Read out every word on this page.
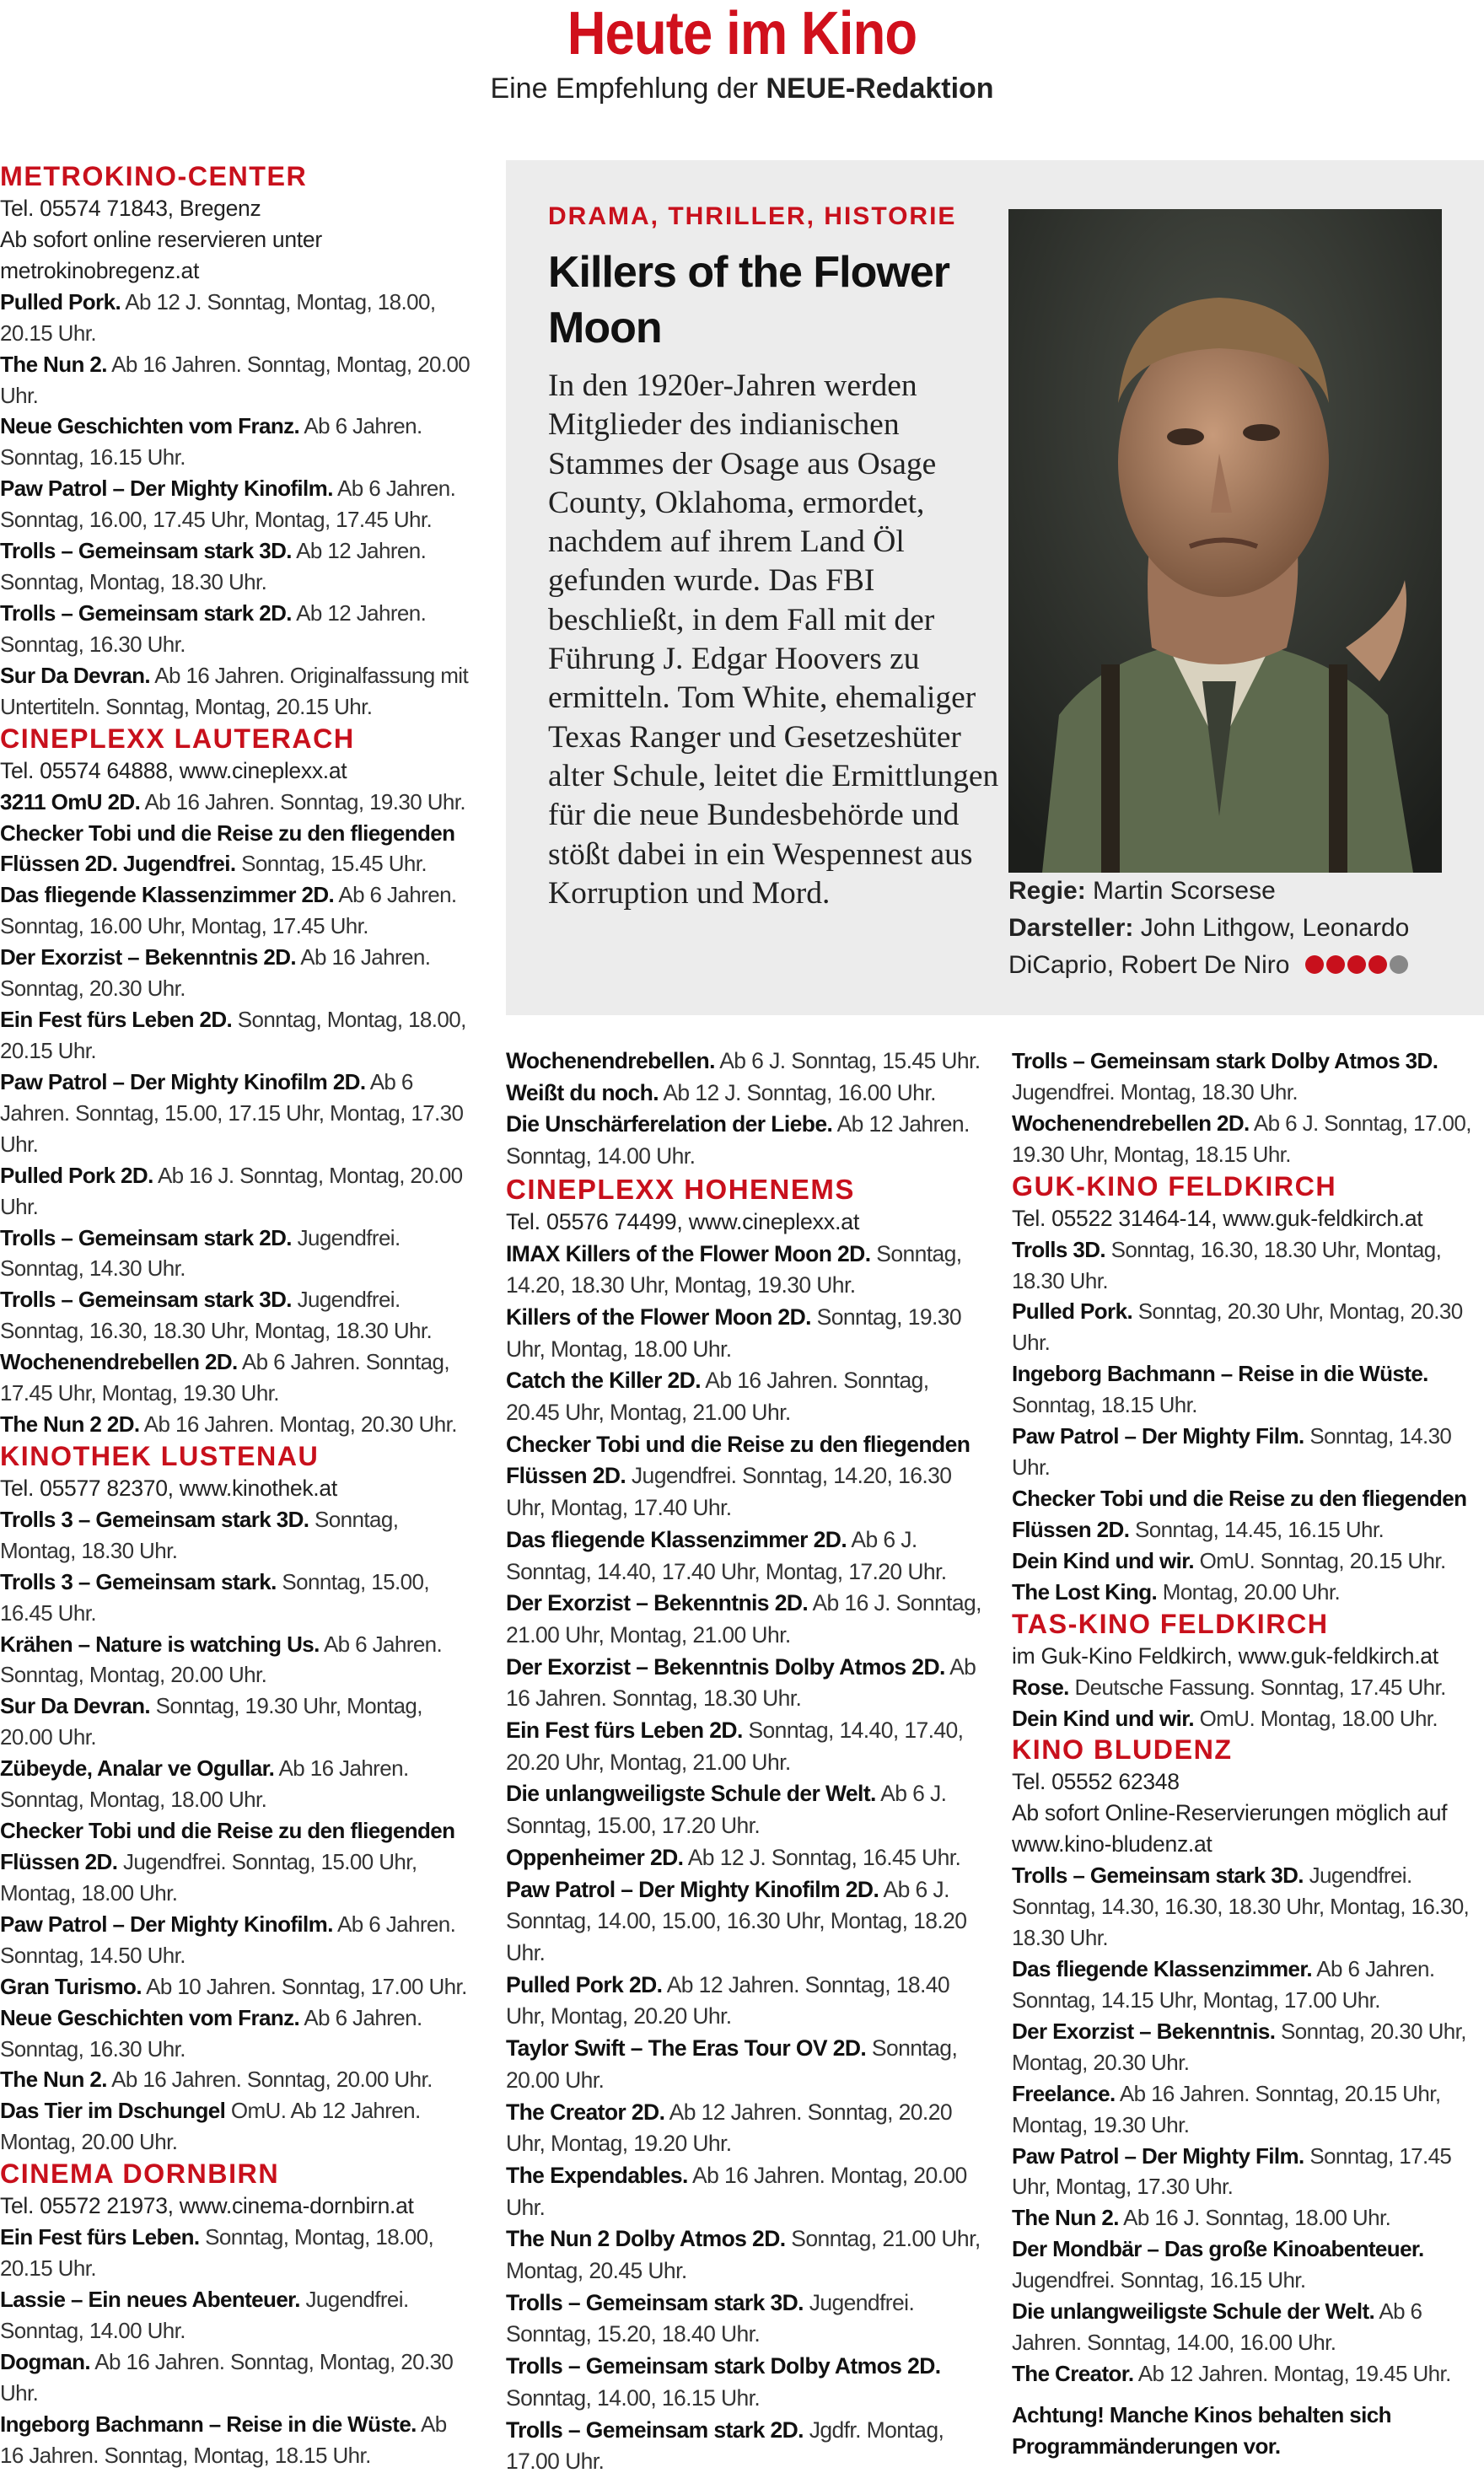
Heute im Kino
Eine Empfehlung der NEUE-Redaktion

METROKINO-CENTER

Tel. 05574 71843, Bregenz

Ab sofort online reservieren unter metrokinobregenz.at

Pulled Pork. Ab 12 J. Sonntag, Montag, 18.00, 20.15 Uhr.

The Nun 2. Ab 16 Jahren. Sonntag, Montag, 20.00 Uhr.

Neue Geschichten vom Franz. Ab 6 Jahren. Sonntag, 16.15 Uhr.

Paw Patrol – Der Mighty Kinofilm. Ab 6 Jahren. Sonntag, 16.00, 17.45 Uhr, Montag, 17.45 Uhr.

Trolls – Gemeinsam stark 3D. Ab 12 Jahren. Sonntag, Montag, 18.30 Uhr.

Trolls – Gemeinsam stark 2D. Ab 12 Jahren. Sonntag, 16.30 Uhr.

Sur Da Devran. Ab 16 Jahren. Originalfassung mit Untertiteln. Sonntag, Montag, 20.15 Uhr.

CINEPLEXX LAUTERACH

Tel. 05574 64888, www.cineplexx.at

3211 OmU 2D. Ab 16 Jahren. Sonntag, 19.30 Uhr.

Checker Tobi und die Reise zu den fliegenden Flüssen 2D. Jugendfrei. Sonntag, 15.45 Uhr.

Das fliegende Klassenzimmer 2D. Ab 6 Jahren. Sonntag, 16.00 Uhr, Montag, 17.45 Uhr.

Der Exorzist – Bekenntnis 2D. Ab 16 Jahren. Sonntag, 20.30 Uhr.

Ein Fest fürs Leben 2D. Sonntag, Montag, 18.00, 20.15 Uhr.

Paw Patrol – Der Mighty Kinofilm 2D. Ab 6 Jahren. Sonntag, 15.00, 17.15 Uhr, Montag, 17.30 Uhr.

Pulled Pork 2D. Ab 16 J. Sonntag, Montag, 20.00 Uhr.

Trolls – Gemeinsam stark 2D. Jugendfrei. Sonntag, 14.30 Uhr.

Trolls – Gemeinsam stark 3D. Jugendfrei. Sonntag, 16.30, 18.30 Uhr, Montag, 18.30 Uhr.

Wochenendrebellen 2D. Ab 6 Jahren. Sonntag, 17.45 Uhr, Montag, 19.30 Uhr.

The Nun 2 2D. Ab 16 Jahren. Montag, 20.30 Uhr.

KINOTHEK LUSTENAU

Tel. 05577 82370, www.kinothek.at

Trolls 3 – Gemeinsam stark 3D. Sonntag, Montag, 18.30 Uhr.

Trolls 3 – Gemeinsam stark. Sonntag, 15.00, 16.45 Uhr.

Krähen – Nature is watching Us. Ab 6 Jahren. Sonntag, Montag, 20.00 Uhr.

Sur Da Devran. Sonntag, 19.30 Uhr, Montag, 20.00 Uhr.

Zübeyde, Analar ve Ogullar. Ab 16 Jahren. Sonntag, Montag, 18.00 Uhr.

Checker Tobi und die Reise zu den fliegenden Flüssen 2D. Jugendfrei. Sonntag, 15.00 Uhr, Montag, 18.00 Uhr.

Paw Patrol – Der Mighty Kinofilm. Ab 6 Jahren. Sonntag, 14.50 Uhr.

Gran Turismo. Ab 10 Jahren. Sonntag, 17.00 Uhr.

Neue Geschichten vom Franz. Ab 6 Jahren. Sonntag, 16.30 Uhr.

The Nun 2. Ab 16 Jahren. Sonntag, 20.00 Uhr.

Das Tier im Dschungel OmU. Ab 12 Jahren. Montag, 20.00 Uhr.

CINEMA DORNBIRN

Tel. 05572 21973, www.cinema-dornbirn.at

Ein Fest fürs Leben. Sonntag, Montag, 18.00, 20.15 Uhr.

Lassie – Ein neues Abenteuer. Jugendfrei. Sonntag, 14.00 Uhr.

Dogman. Ab 16 Jahren. Sonntag, Montag, 20.30 Uhr.

Ingeborg Bachmann – Reise in die Wüste. Ab 16 Jahren. Sonntag, Montag, 18.15 Uhr.

DRAMA, THRILLER, HISTORIE
Killers of the Flower Moon
In den 1920er-Jahren werden Mitglieder des indianischen Stammes der Osage aus Osage County, Oklahoma, ermordet, nachdem auf ihrem Land Öl gefunden wurde. Das FBI beschließt, in dem Fall mit der Führung J. Edgar Hoovers zu ermitteln. Tom White, ehemaliger Texas Ranger und Gesetzeshüter alter Schule, leitet die Ermittlungen für die neue Bundesbehörde und stößt dabei in ein Wespennest aus Korruption und Mord.	Regie: Martin Scorsese
Darsteller: John Lithgow, Leonardo DiCaprio, Robert De Niro

Wochenendrebellen. Ab 6 J. Sonntag, 15.45 Uhr.

Weißt du noch. Ab 12 J. Sonntag, 16.00 Uhr.

Die Unschärferelation der Liebe. Ab 12 Jahren. Sonntag, 14.00 Uhr.

CINEPLEXX HOHENEMS

Tel. 05576 74499, www.cineplexx.at

IMAX Killers of the Flower Moon 2D. Sonntag, 14.20, 18.30 Uhr, Montag, 19.30 Uhr.

Killers of the Flower Moon 2D. Sonntag, 19.30 Uhr, Montag, 18.00 Uhr.

Catch the Killer 2D. Ab 16 Jahren. Sonntag, 20.45 Uhr, Montag, 21.00 Uhr.

Checker Tobi und die Reise zu den fliegenden Flüssen 2D. Jugendfrei. Sonntag, 14.20, 16.30 Uhr, Montag, 17.40 Uhr.

Das fliegende Klassenzimmer 2D. Ab 6 J. Sonntag, 14.40, 17.40 Uhr, Montag, 17.20 Uhr.

Der Exorzist – Bekenntnis 2D. Ab 16 J. Sonntag, 21.00 Uhr, Montag, 21.00 Uhr.

Der Exorzist – Bekenntnis Dolby Atmos 2D. Ab 16 Jahren. Sonntag, 18.30 Uhr.

Ein Fest fürs Leben 2D. Sonntag, 14.40, 17.40, 20.20 Uhr, Montag, 21.00 Uhr.

Die unlangweiligste Schule der Welt. Ab 6 J. Sonntag, 15.00, 17.20 Uhr.

Oppenheimer 2D. Ab 12 J. Sonntag, 16.45 Uhr.

Paw Patrol – Der Mighty Kinofilm 2D. Ab 6 J. Sonntag, 14.00, 15.00, 16.30 Uhr, Montag, 18.20 Uhr.

Pulled Pork 2D. Ab 12 Jahren. Sonntag, 18.40 Uhr, Montag, 20.20 Uhr.

Taylor Swift – The Eras Tour OV 2D. Sonntag, 20.00 Uhr.

The Creator 2D. Ab 12 Jahren. Sonntag, 20.20 Uhr, Montag, 19.20 Uhr.

The Expendables. Ab 16 Jahren. Montag, 20.00 Uhr.

The Nun 2 Dolby Atmos 2D. Sonntag, 21.00 Uhr, Montag, 20.45 Uhr.

Trolls – Gemeinsam stark 3D. Jugendfrei. Sonntag, 15.20, 18.40 Uhr.

Trolls – Gemeinsam stark Dolby Atmos 2D. Sonntag, 14.00, 16.15 Uhr.

Trolls – Gemeinsam stark 2D. Jgdfr. Montag, 17.00 Uhr.

Trolls – Gemeinsam stark Dolby Atmos 3D. Jugendfrei. Montag, 18.30 Uhr.

Wochenendrebellen 2D. Ab 6 J. Sonntag, 17.00, 19.30 Uhr, Montag, 18.15 Uhr.

GUK-KINO FELDKIRCH

Tel. 05522 31464-14, www.guk-feldkirch.at

Trolls 3D. Sonntag, 16.30, 18.30 Uhr, Montag, 18.30 Uhr.

Pulled Pork. Sonntag, 20.30 Uhr, Montag, 20.30 Uhr.

Ingeborg Bachmann – Reise in die Wüste. Sonntag, 18.15 Uhr.

Paw Patrol – Der Mighty Film. Sonntag, 14.30 Uhr.

Checker Tobi und die Reise zu den fliegenden Flüssen 2D. Sonntag, 14.45, 16.15 Uhr.

Dein Kind und wir. OmU. Sonntag, 20.15 Uhr.

The Lost King. Montag, 20.00 Uhr.

TAS-KINO FELDKIRCH

im Guk-Kino Feldkirch, www.guk-feldkirch.at

Rose. Deutsche Fassung. Sonntag, 17.45 Uhr.

Dein Kind und wir. OmU. Montag, 18.00 Uhr.

KINO BLUDENZ

Tel. 05552 62348

Ab sofort Online-Reservierungen möglich auf www.kino-bludenz.at

Trolls – Gemeinsam stark 3D. Jugendfrei. Sonntag, 14.30, 16.30, 18.30 Uhr, Montag, 16.30, 18.30 Uhr.

Das fliegende Klassenzimmer. Ab 6 Jahren. Sonntag, 14.15 Uhr, Montag, 17.00 Uhr.

Der Exorzist – Bekenntnis. Sonntag, 20.30 Uhr, Montag, 20.30 Uhr.

Freelance. Ab 16 Jahren. Sonntag, 20.15 Uhr, Montag, 19.30 Uhr.

Paw Patrol – Der Mighty Film. Sonntag, 17.45 Uhr, Montag, 17.30 Uhr.

The Nun 2. Ab 16 J. Sonntag, 18.00 Uhr.

Der Mondbär – Das große Kinoabenteuer. Jugendfrei. Sonntag, 16.15 Uhr.

Die unlangweiligste Schule der Welt. Ab 6 Jahren. Sonntag, 14.00, 16.00 Uhr.

The Creator. Ab 12 Jahren. Montag, 19.45 Uhr.

Achtung! Manche Kinos behalten sich Programmänderungen vor.
